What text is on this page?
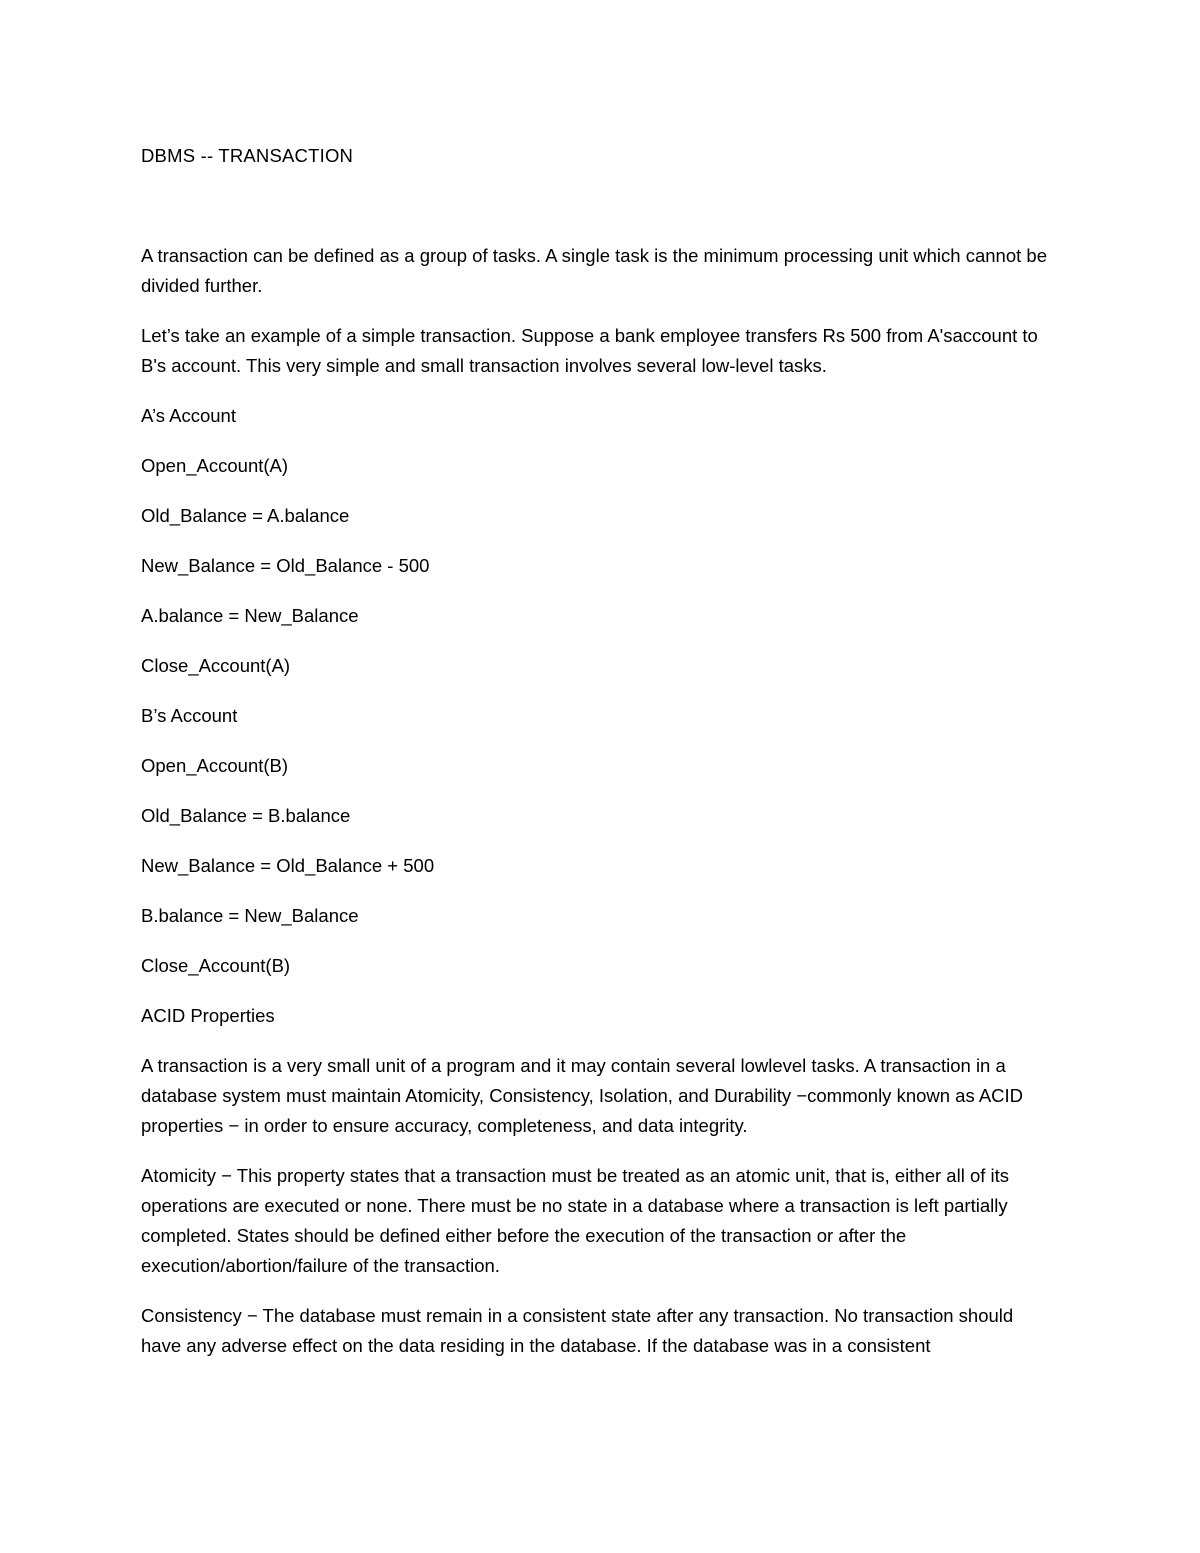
DBMS -- TRANSACTION

A transaction can be defined as a group of tasks. A single task is the minimum processing unit which cannot be divided further.

Let’s take an example of a simple transaction. Suppose a bank employee transfers Rs 500 from A'saccount to B's account. This very simple and small transaction involves several low-level tasks.

A’s Account
Open_Account(A)
Old_Balance = A.balance
New_Balance = Old_Balance - 500
A.balance = New_Balance
Close_Account(A)
B’s Account
Open_Account(B)
Old_Balance = B.balance
New_Balance = Old_Balance + 500
B.balance = New_Balance
Close_Account(B)
ACID Properties

A transaction is a very small unit of a program and it may contain several lowlevel tasks. A transaction in a database system must maintain Atomicity, Consistency, Isolation, and Durability −commonly known as ACID properties − in order to ensure accuracy, completeness, and data integrity.

Atomicity − This property states that a transaction must be treated as an atomic unit, that is, either all of its operations are executed or none. There must be no state in a database where a transaction is left partially completed. States should be defined either before the execution of the transaction or after the execution/abortion/failure of the transaction.

Consistency − The database must remain in a consistent state after any transaction. No transaction should have any adverse effect on the data residing in the database. If the database was in a consistent
